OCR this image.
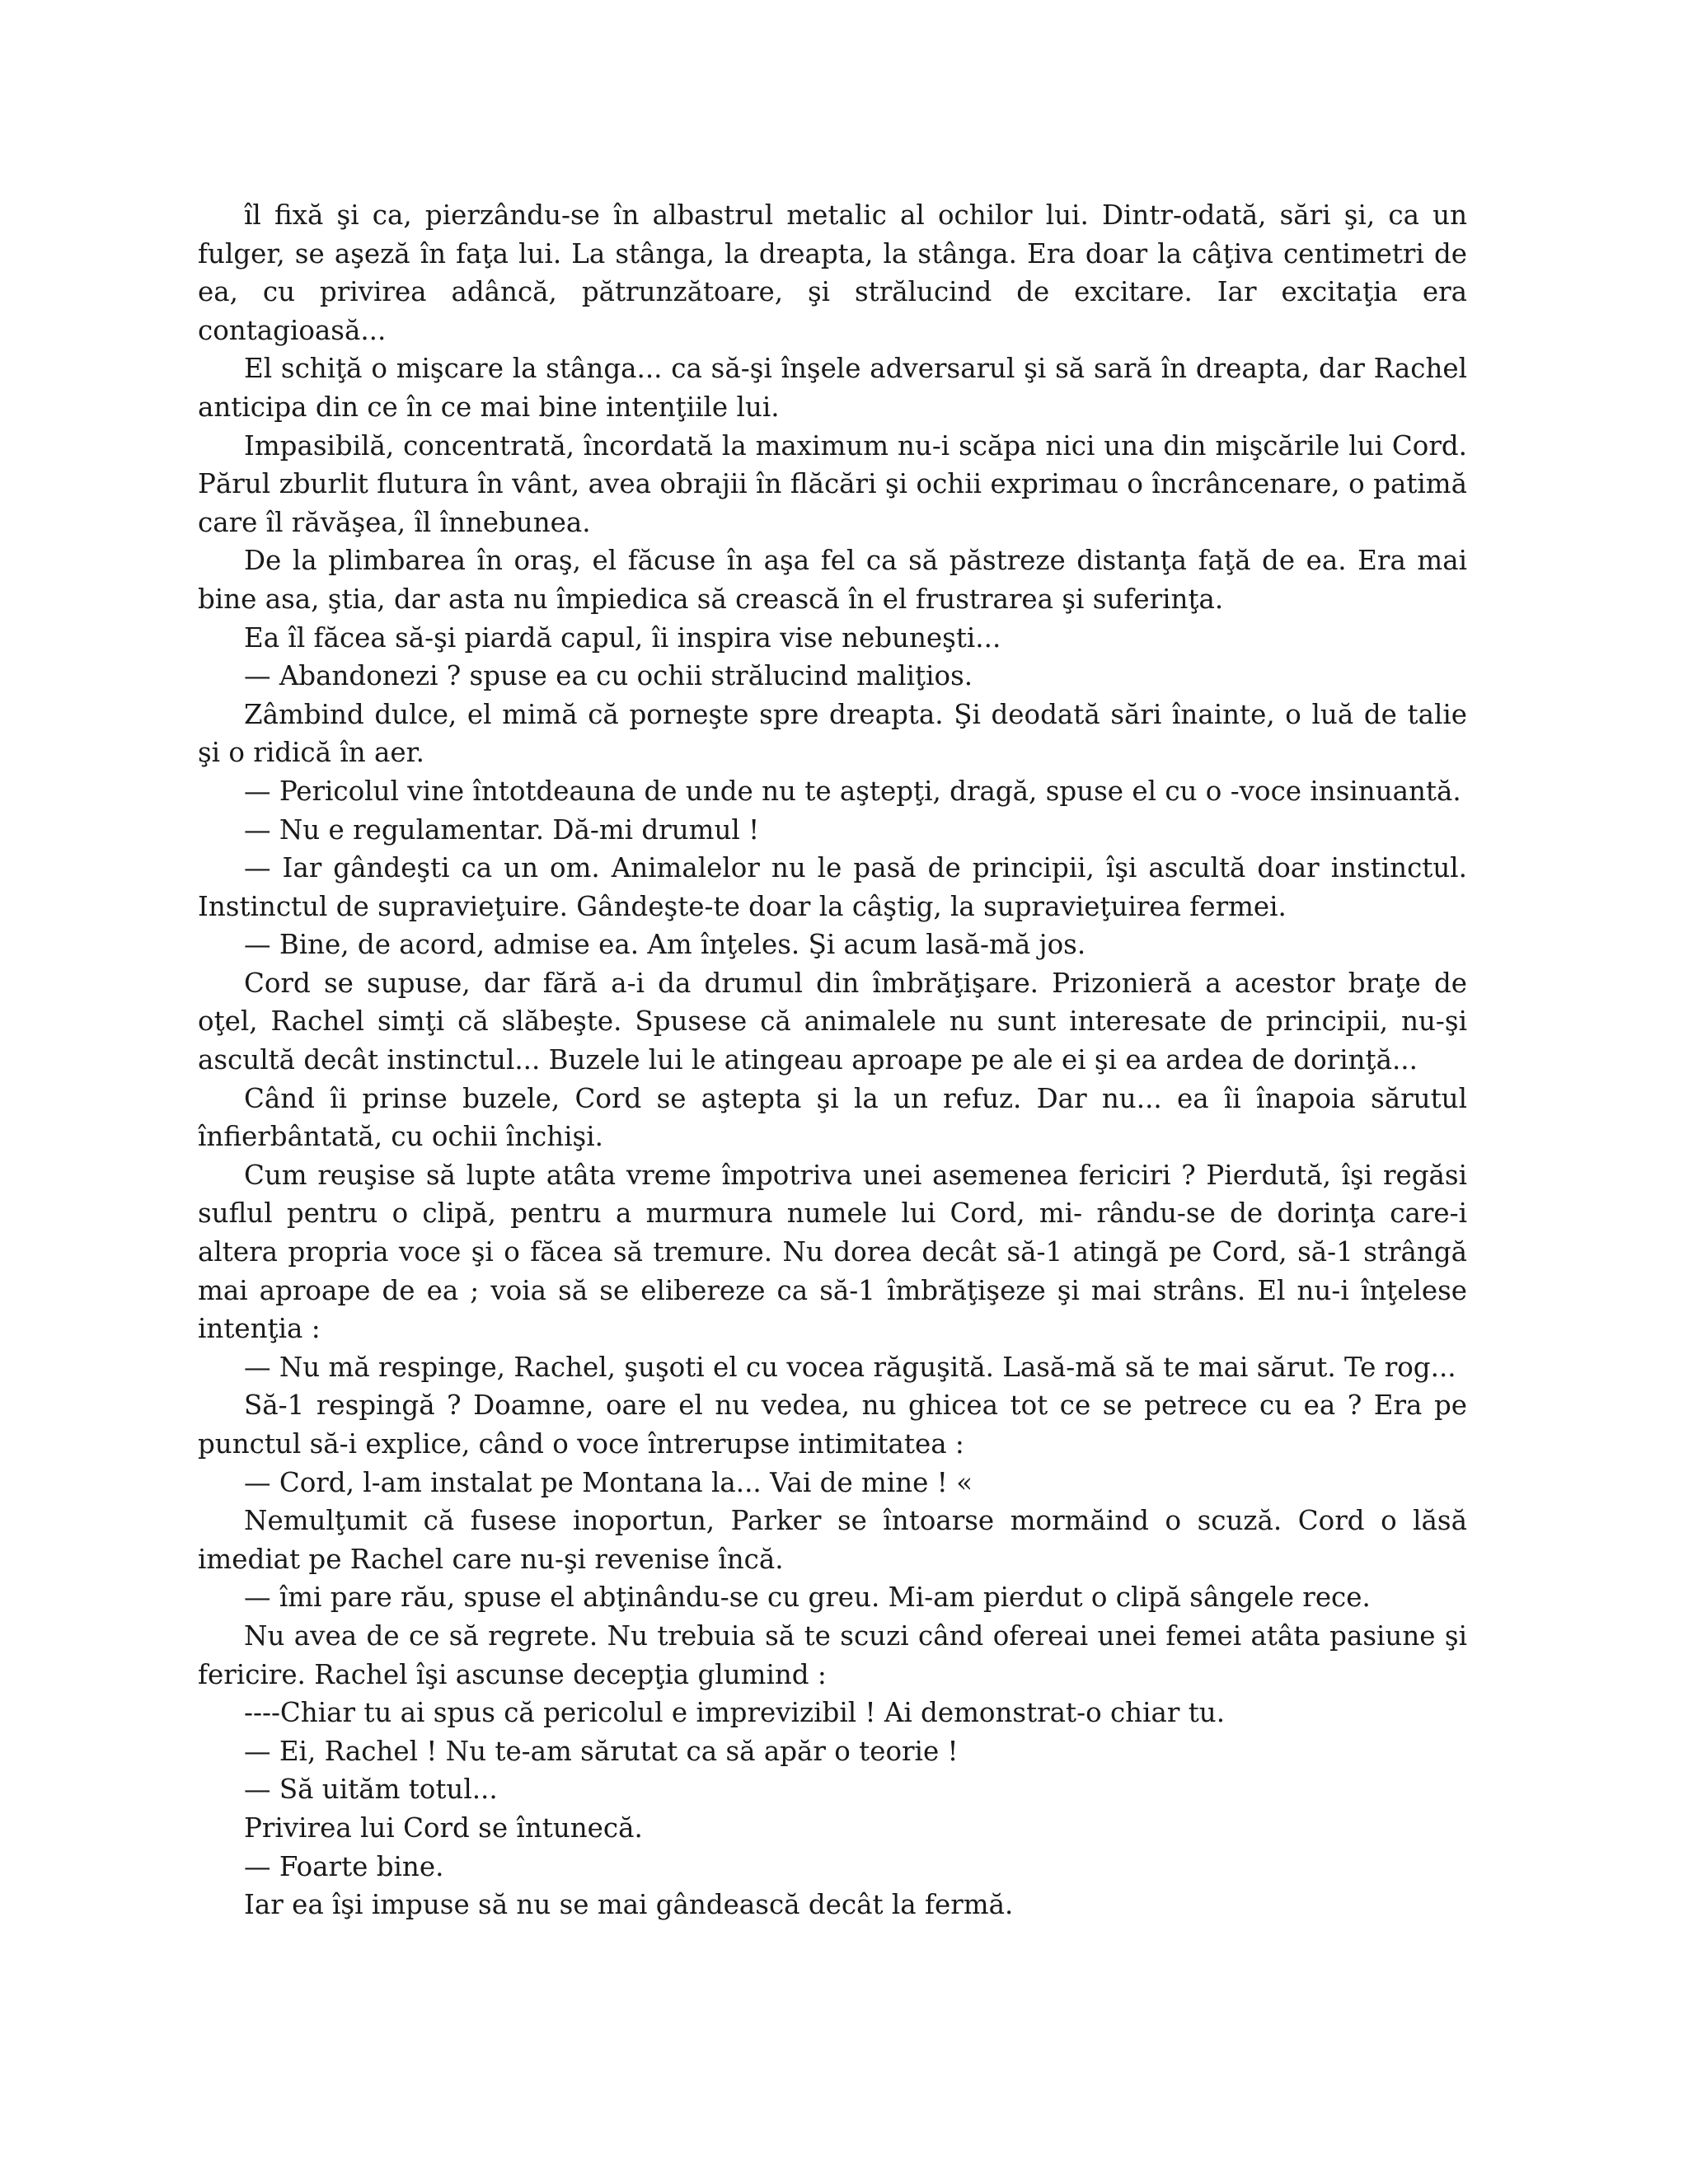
îl fixă şi ca, pierzându-se în albastrul metalic al ochilor lui. Dintr-odată, sări şi, ca un fulger, se aşeză în faţa lui. La stânga, la dreapta, la stânga. Era doar la câţiva centimetri de ea, cu privirea adâncă, pătrunzătoare, şi strălucind de excitare. Iar excitaţia era contagioasă...

El schiţă o mişcare la stânga... ca să-şi înşele adversarul şi să sară în dreapta, dar Rachel anticipa din ce în ce mai bine intenţiile lui.

Impasibilă, concentrată, încordată la maximum nu-i scăpa nici una din mişcările lui Cord. Părul zburlit flutura în vânt, avea obrajii în flăcări şi ochii exprimau o încrâncenare, o patimă care îl răvăşea, îl înnebunea.

De la plimbarea în oraş, el făcuse în aşa fel ca să păstreze distanţa faţă de ea. Era mai bine asa, ştia, dar asta nu împiedica să crească în el frustrarea şi suferinţa.

Ea îl făcea să-şi piardă capul, îi inspira vise nebuneşti...

— Abandonezi ? spuse ea cu ochii strălucind maliţios.

Zâmbind dulce, el mimă că porneşte spre dreapta. Şi deodată sări înainte, o luă de talie şi o ridică în aer.

— Pericolul vine întotdeauna de unde nu te aştepţi, dragă, spuse el cu o -voce insinuantă.

— Nu e regulamentar. Dă-mi drumul !

— Iar gândeşti ca un om. Animalelor nu le pasă de principii, îşi ascultă doar instinctul. Instinctul de supravieţuire. Gândeşte-te doar la câştig, la supravieţuirea fermei.

— Bine, de acord, admise ea. Am înţeles. Şi acum lasă-mă jos.

Cord se supuse, dar fără a-i da drumul din îmbrăţişare. Prizonieră a acestor braţe de oţel, Rachel simţi că slăbeşte. Spusese că animalele nu sunt interesate de principii, nu-şi ascultă decât instinctul... Buzele lui le atingeau aproape pe ale ei şi ea ardea de dorinţă...

Când îi prinse buzele, Cord se aştepta şi la un refuz. Dar nu... ea îi înapoia sărutul înfierbântată, cu ochii închişi.

Cum reuşise să lupte atâta vreme împotriva unei asemenea fericiri ? Pierdută, îşi regăsi suflul pentru o clipă, pentru a murmura numele lui Cord, mi- rându-se de dorinţa care-i altera propria voce şi o făcea să tremure. Nu dorea decât să-1 atingă pe Cord, să-1 strângă mai aproape de ea ; voia să se elibereze ca să-1 îmbrăţişeze şi mai strâns. El nu-i înţelese intenţia :

— Nu mă respinge, Rachel, şuşoti el cu vocea răguşită. Lasă-mă să te mai sărut. Te rog...

Să-1 respingă ? Doamne, oare el nu vedea, nu ghicea tot ce se petrece cu ea ? Era pe punctul să-i explice, când o voce întrerupse intimitatea :

— Cord, l-am instalat pe Montana la... Vai de mine ! «

Nemulţumit că fusese inoportun, Parker se întoarse mormăind o scuză. Cord o lăsă imediat pe Rachel care nu-şi revenise încă.

— îmi pare rău, spuse el abţinându-se cu greu. Mi-am pierdut o clipă sângele rece.

Nu avea de ce să regrete. Nu trebuia să te scuzi când ofereai unei femei atâta pasiune şi fericire. Rachel îşi ascunse decepţia glumind :

----Chiar tu ai spus că pericolul e imprevizibil ! Ai demonstrat-o chiar tu.

— Ei, Rachel ! Nu te-am sărutat ca să apăr o teorie !

— Să uităm totul...

Privirea lui Cord se întunecă.

— Foarte bine.

Iar ea îşi impuse să nu se mai gândească decât la fermă.
